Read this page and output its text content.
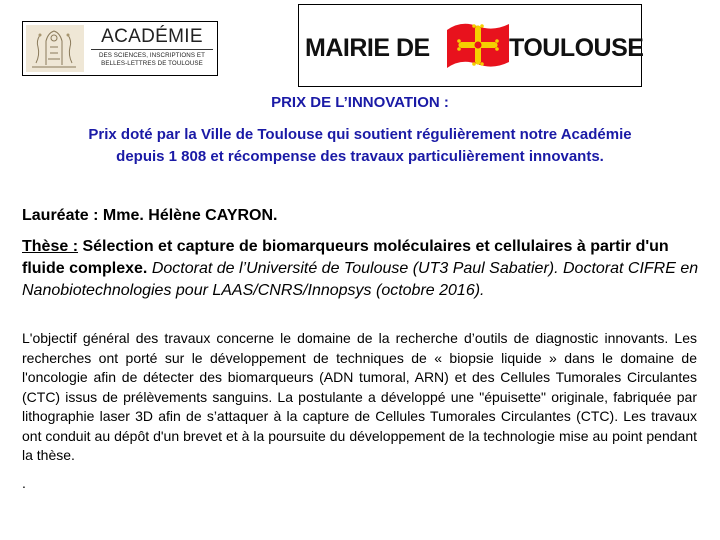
ACADÉMIE
DES SCIENCES, INSCRIPTIONS ET
BELLES-LETTRES DE TOULOUSE
MAIRIE DE	TOULOUSE
PRIX DE L’INNOVATION :
Prix doté par la Ville de Toulouse qui soutient régulièrement notre Académie
depuis 1 808 et récompense des travaux particulièrement innovants.
Lauréate : Mme. Hélène CAYRON.
Thèse : Sélection et capture de biomarqueurs moléculaires et cellulaires à partir d'un fluide complexe. Doctorat de l’Université de Toulouse (UT3 Paul Sabatier). Doctorat CIFRE en Nanobiotechnologies pour LAAS/CNRS/Innopsys (octobre 2016).
L'objectif général des travaux concerne le domaine de la recherche d’outils de diagnostic innovants. Les recherches ont porté sur le développement de techniques de « biopsie liquide » dans le domaine de l'oncologie afin de détecter des biomarqueurs (ADN tumoral, ARN) et des Cellules Tumorales Circulantes (CTC) issus de prélèvements sanguins. La postulante a développé une "épuisette" originale, fabriquée par lithographie laser 3D afin de s’attaquer à la capture de Cellules Tumorales Circulantes (CTC). Les travaux ont conduit au dépôt d'un brevet et à la poursuite du développement de la technologie mise au point pendant la thèse.
.
